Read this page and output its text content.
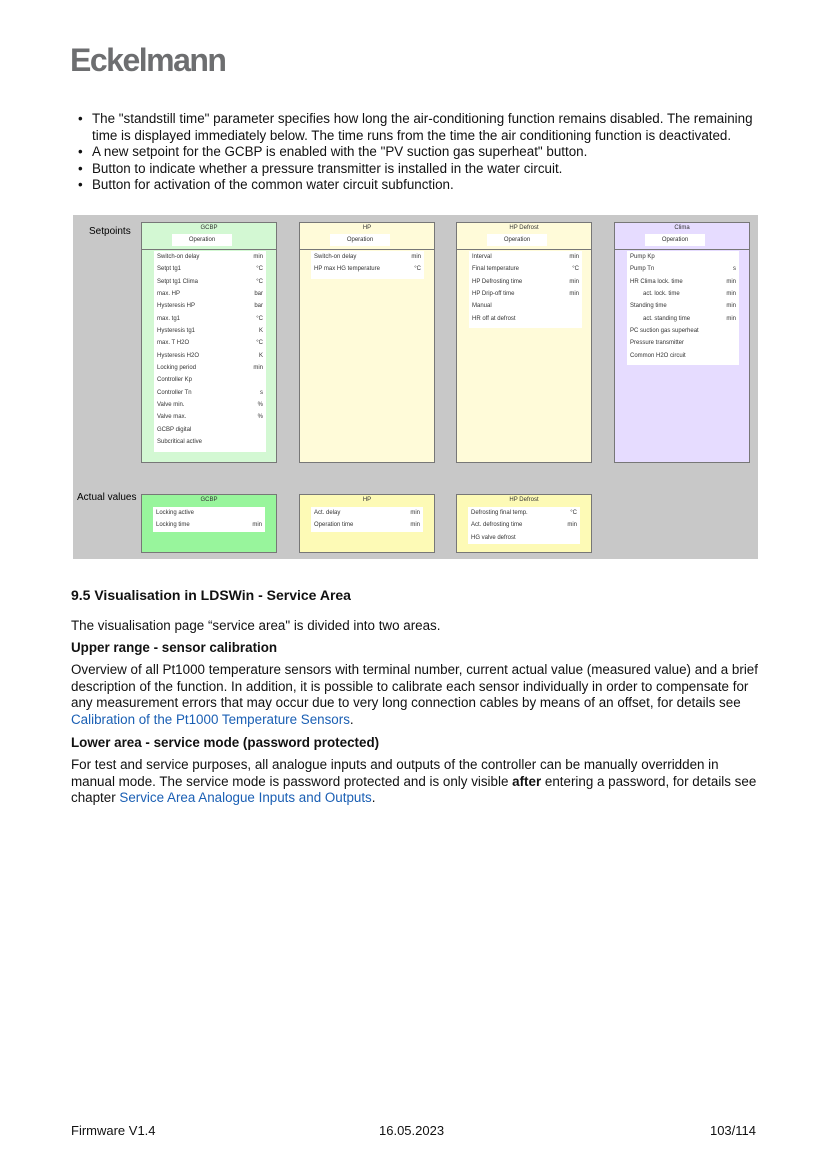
Eckelmann
• The "standstill time" parameter specifies how long the air-conditioning function remains disabled. The remaining time is displayed immediately below. The time runs from the time the air conditioning function is deactivated.
• A new setpoint for the GCBP is enabled with the "PV suction gas superheat" button.
• Button to indicate whether a pressure transmitter is installed in the water circuit.
• Button for activation of the common water circuit subfunction.
Setpoints
Actual values
GCBP
Operation
Switch-on delay	min
Setpt tg1	°C
Setpt tg1 Clima	°C
max. HP	bar
Hysteresis HP	bar
max. tg1	°C
Hysteresis tg1	K
max. T H2O	°C
Hysteresis H2O	K
Locking period	min
Controller Kp
Controller Tn	s
Valve min.	%
Valve max.	%
GCBP digital
Subcritical active
HP
Operation
Switch-on delay	min
HP max HG temperature	°C
HP Defrost
Operation
Interval	min
Final temperature	°C
HP Defrosting time	min
HP Drip-off time	min
Manual
HR off at defrost
Clima
Operation
Pump Kp
Pump Tn	s
HR Clima lock. time	min
act. lock. time	min
Standing time	min
act. standing time	min
PC suction gas superheat
Pressure transmitter
Common H2O circuit
GCBP
Locking active
Locking time	min
HP
Act. delay	min
Operation time	min
HP Defrost
Defrosting final temp.	°C
Act. defrosting time	min
HG valve defrost
9.5 Visualisation in LDSWin - Service Area
The visualisation page “service area" is divided into two areas.
Upper range - sensor calibration
Overview of all Pt1000 temperature sensors with terminal number, current actual value (measured value) and a brief description of the function. In addition, it is possible to calibrate each sensor individually in order to compensate for any measurement errors that may occur due to very long connection cables by means of an offset, for details see Calibration of the Pt1000 Temperature Sensors.
Lower area - service mode (password protected)
For test and service purposes, all analogue inputs and outputs of the controller can be manually overridden in manual mode. The service mode is password protected and is only visible after entering a password, for details see chapter Service Area Analogue Inputs and Outputs.
Firmware V1.4	16.05.2023	103/114
